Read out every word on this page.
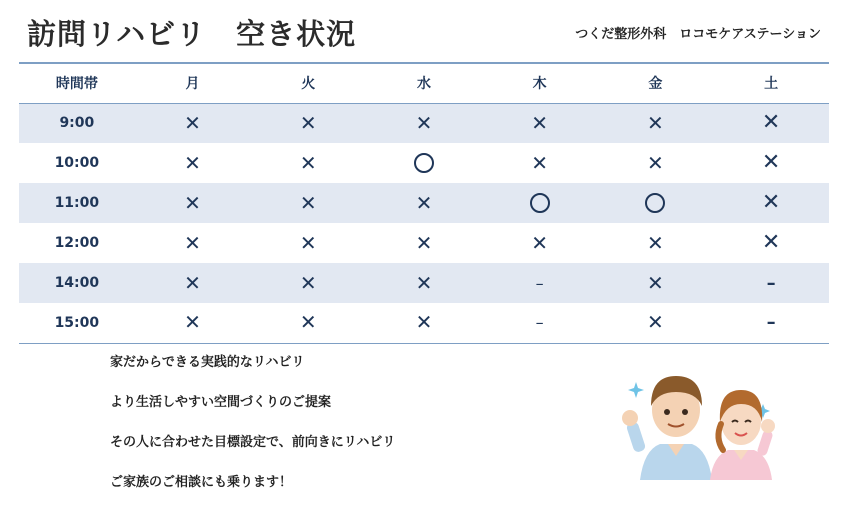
訪問リハビリ　空き状況	つくだ整形外科　ロコモケアステーション
時間帯	月	火	水	木	金	土
9:00	✕	✕	✕	✕	✕	✕
10:00	✕	✕		✕	✕	✕
11:00	✕	✕	✕			✕
12:00	✕	✕	✕	✕	✕	✕
14:00	✕	✕	✕	–	✕	–
15:00	✕	✕	✕	–	✕	–
家だからできる実践的なリハビリ
より生活しやすい空間づくりのご提案
その人に合わせた目標設定で、前向きにリハビリ
ご家族のご相談にも乗ります！
